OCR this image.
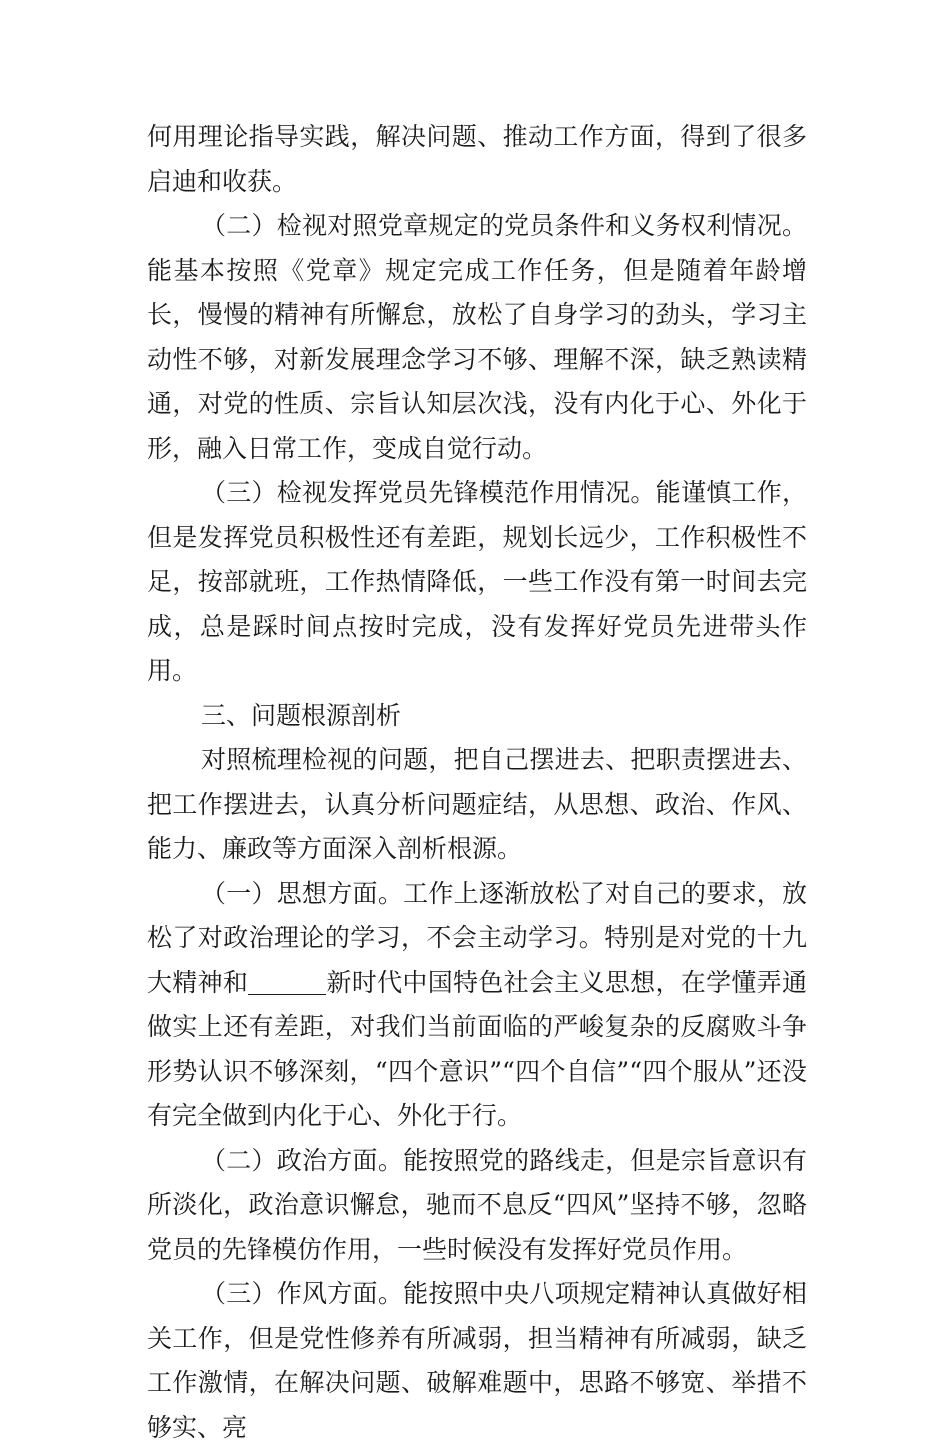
何用理论指导实践，解决问题、推动工作方面，得到了很多启迪和收获。

（二）检视对照党章规定的党员条件和义务权利情况。能基本按照《党章》规定完成工作任务，但是随着年龄增长，慢慢的精神有所懈怠，放松了自身学习的劲头，学习主动性不够，对新发展理念学习不够、理解不深，缺乏熟读精通，对党的性质、宗旨认知层次浅，没有内化于心、外化于形，融入日常工作，变成自觉行动。

（三）检视发挥党员先锋模范作用情况。能谨慎工作，但是发挥党员积极性还有差距，规划长远少，工作积极性不足，按部就班，工作热情降低，一些工作没有第一时间去完成，总是踩时间点按时完成，没有发挥好党员先进带头作用。

三、问题根源剖析

对照梳理检视的问题，把自己摆进去、把职责摆进去、把工作摆进去，认真分析问题症结，从思想、政治、作风、能力、廉政等方面深入剖析根源。

（一）思想方面。工作上逐渐放松了对自己的要求，放松了对政治理论的学习，不会主动学习。特别是对党的十九大精神和	新时代中国特色社会主义思想，在学懂弄通做实上还有差距，对我们当前面临的严峻复杂的反腐败斗争形势认识不够深刻，“四个意识”“四个自信”“四个服从”还没有完全做到内化于心、外化于行。

（二）政治方面。能按照党的路线走，但是宗旨意识有所淡化，政治意识懈怠，驰而不息反“四风”坚持不够，忽略党员的先锋模仿作用，一些时候没有发挥好党员作用。

（三）作风方面。能按照中央八项规定精神认真做好相关工作，但是党性修养有所减弱，担当精神有所减弱，缺乏工作激情，在解决问题、破解难题中，思路不够宽、举措不够实、亮
